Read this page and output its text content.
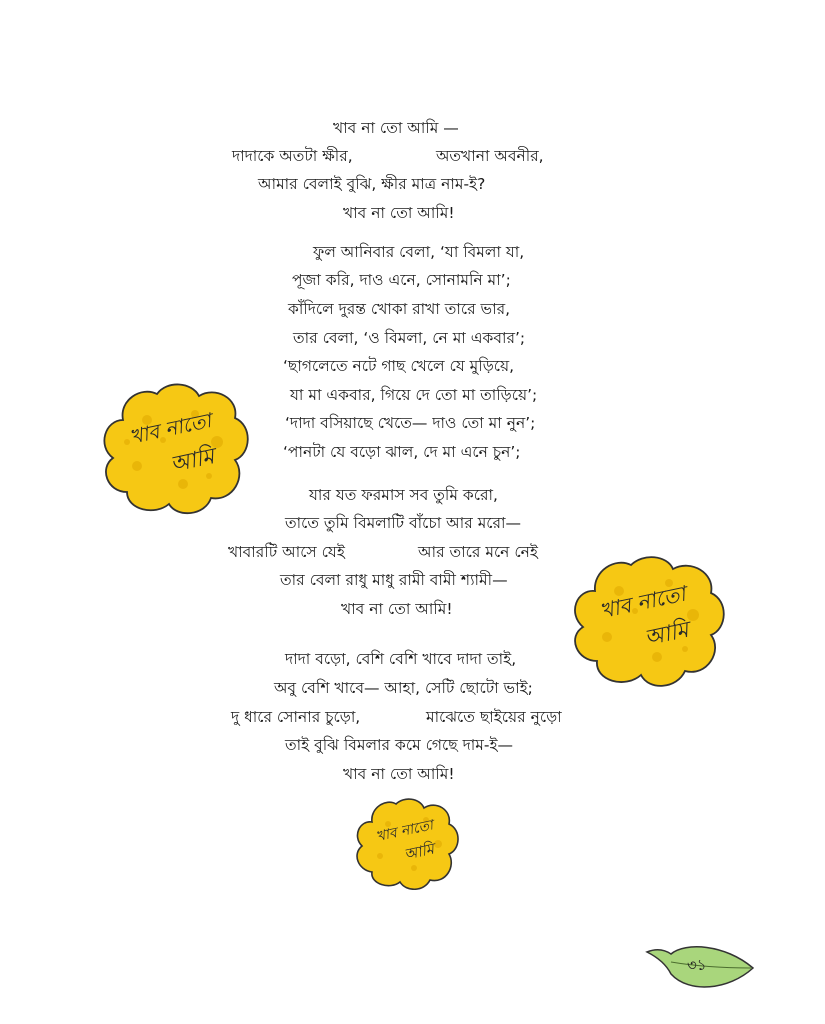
খাব না তো আমি —
দাদাকে অতটা ক্ষীর,	অতখানা অবনীর,
আমার বেলাই বুঝি, ক্ষীর মাত্র নাম-ই?
খাব না তো আমি!
ফুল আনিবার বেলা, ‘যা বিমলা যা,
পূজা করি, দাও এনে, সোনামনি মা’;
কাঁদিলে দুরন্ত খোকা রাখা তারে ভার,
তার বেলা, ‘ও বিমলা, নে মা একবার’;
‘ছাগলেতে নটে গাছ খেলে যে মুড়িয়ে,
যা মা একবার, গিয়ে দে তো মা তাড়িয়ে’;
‘দাদা বসিয়াছে খেতে— দাও তো মা নুন’;
‘পানটা যে বড়ো ঝাল, দে মা এনে চুন’;
যার যত ফরমাস সব তুমি করো,
তাতে তুমি বিমলাটি বাঁচো আর মরো—
খাবারটি আসে যেই	আর তারে মনে নেই
তার বেলা রাধু মাধু রামী বামী শ্যামী—
খাব না তো আমি!
দাদা বড়ো, বেশি বেশি খাবে দাদা তাই,
অবু বেশি খাবে— আহা, সেটি ছোটো ভাই;
দু ধারে সোনার চুড়ো,	মাঝেতে ছাইয়ের নুড়ো
তাই বুঝি বিমলার কমে গেছে দাম-ই—
খাব না তো আমি!
খাব নাতো
আমি
খাব নাতো
আমি
খাব নাতো
আমি
৩১
